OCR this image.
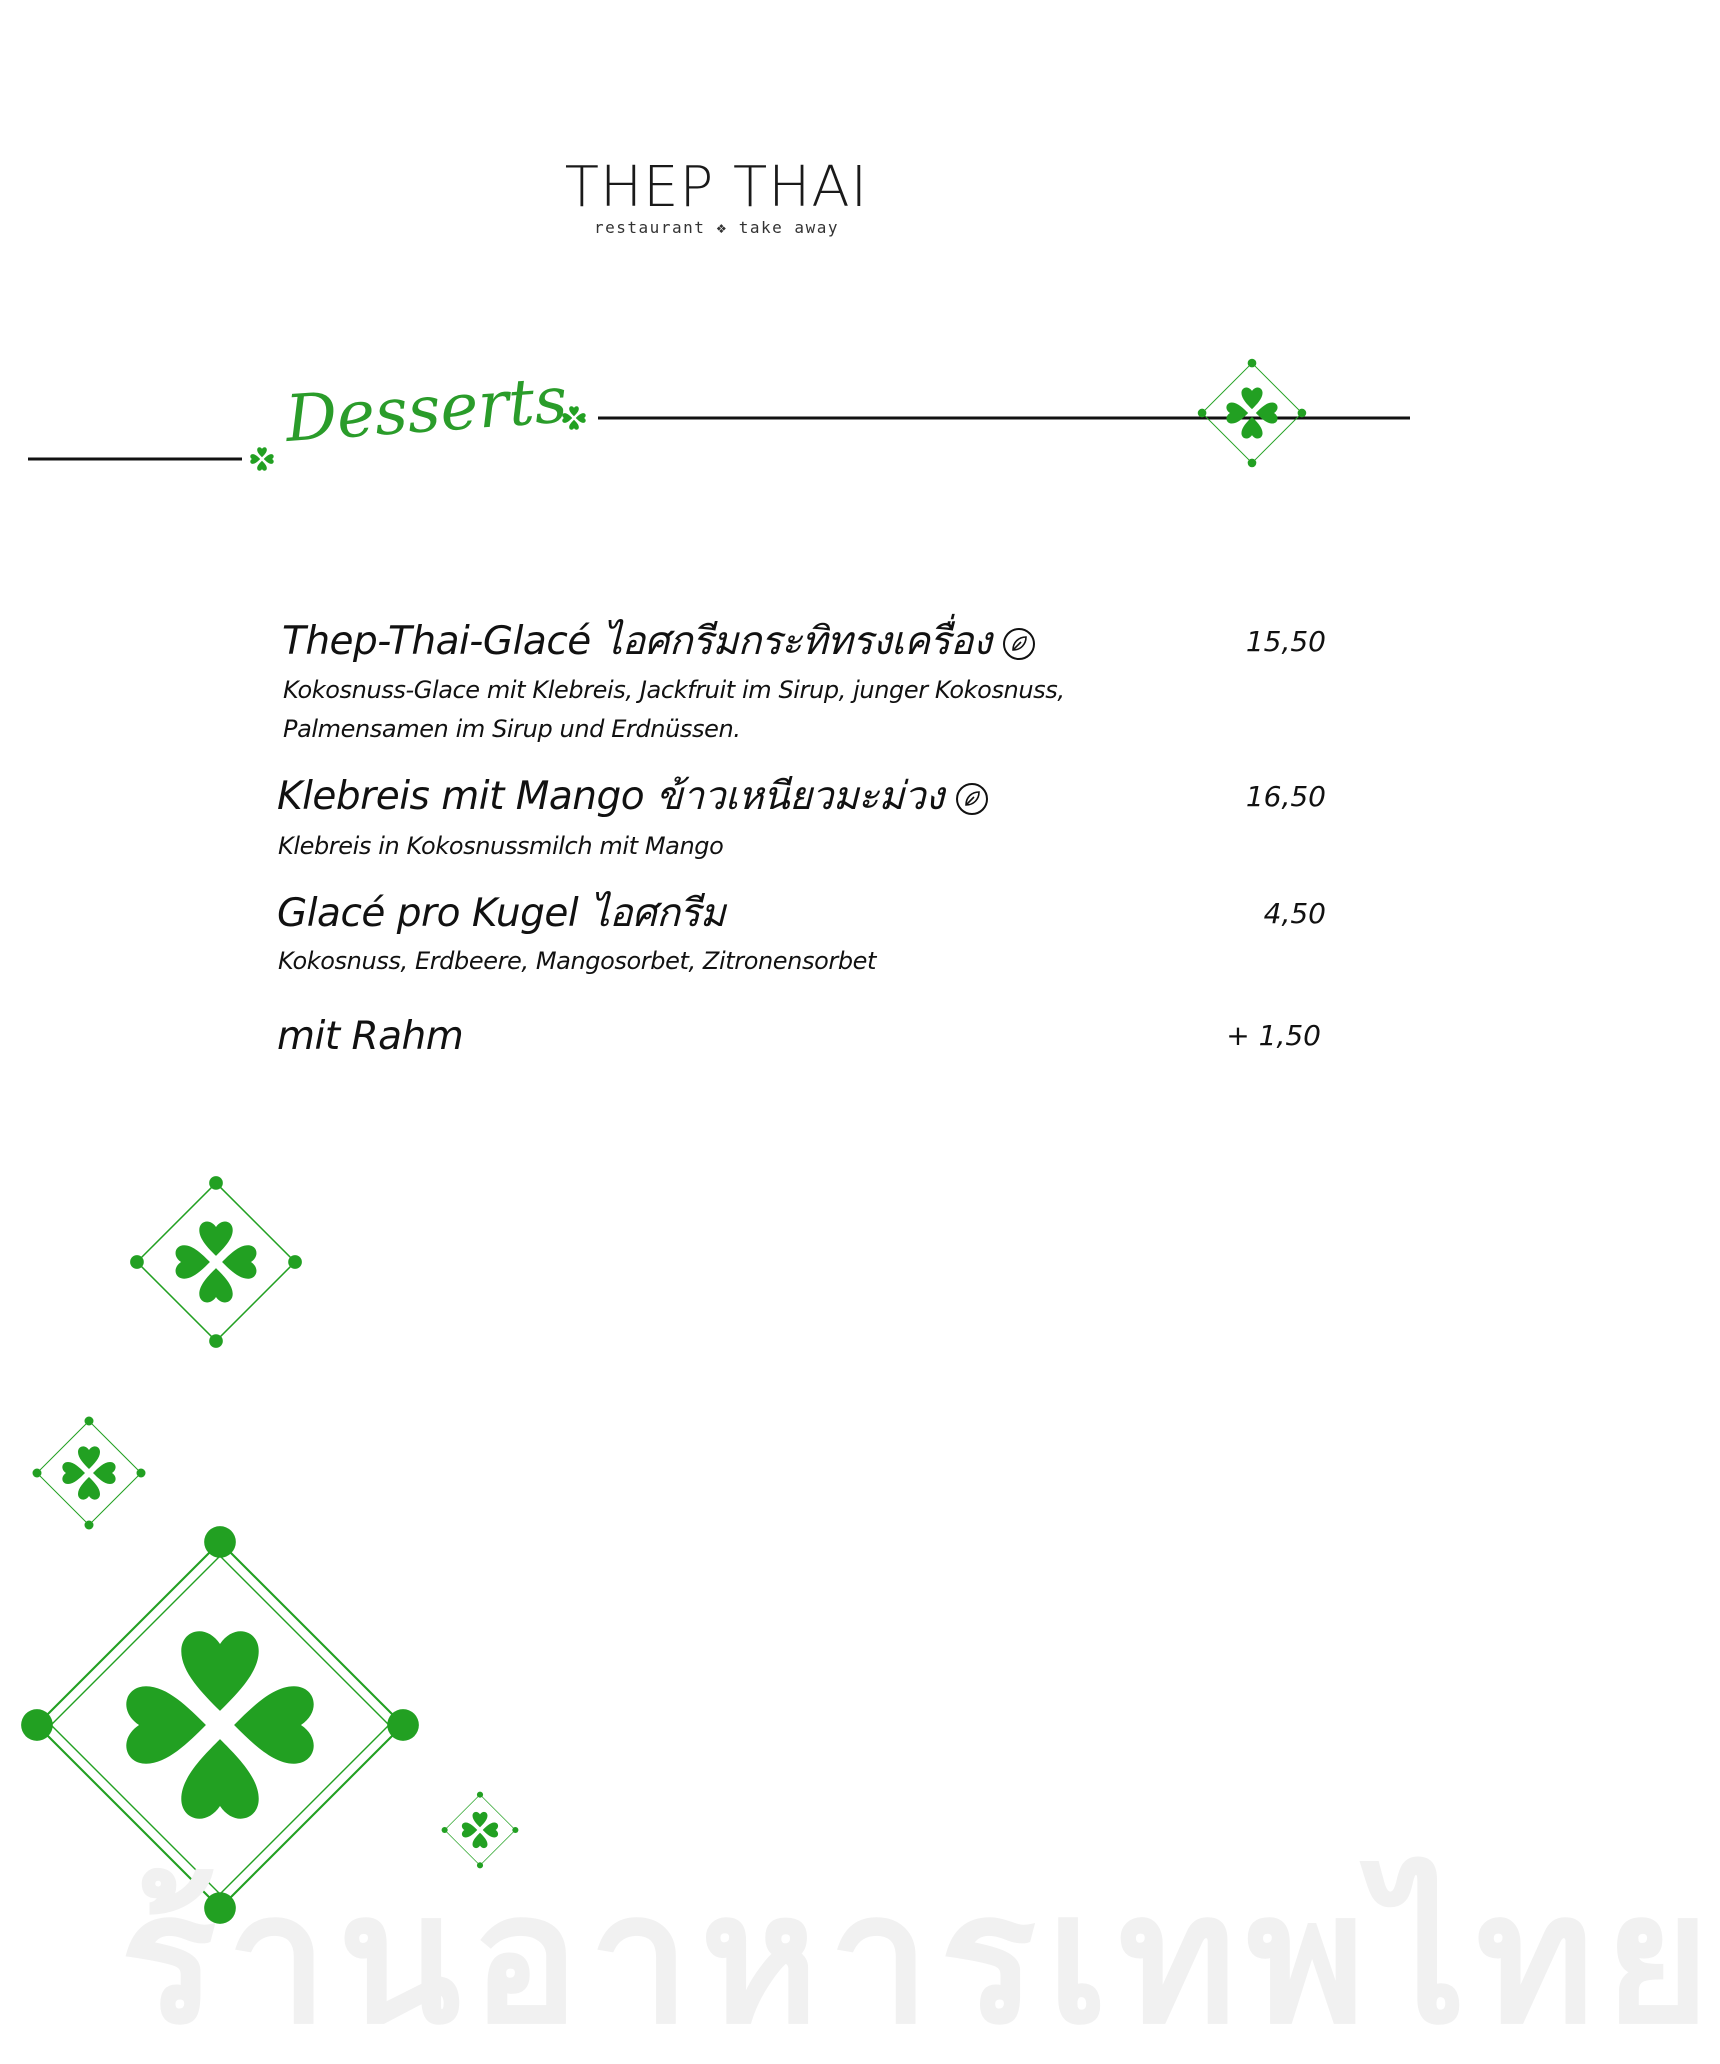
THEP THAI
restaurant ❖ take away
Desserts
Thep-Thai-Glacé ไอศกรีมกระทิทรงเครื่อง
Kokosnuss-Glace mit Klebreis, Jackfruit im Sirup, junger Kokosnuss,
Palmensamen im Sirup und Erdnüssen.
15,50
Klebreis mit Mango ข้าวเหนียวมะม่วง
Klebreis in Kokosnussmilch mit Mango
16,50
Glacé pro Kugel ไอศกรีม
Kokosnuss, Erdbeere, Mangosorbet, Zitronensorbet
4,50
mit Rahm	+ 1,50
ร้านอาหารเทพไทย
